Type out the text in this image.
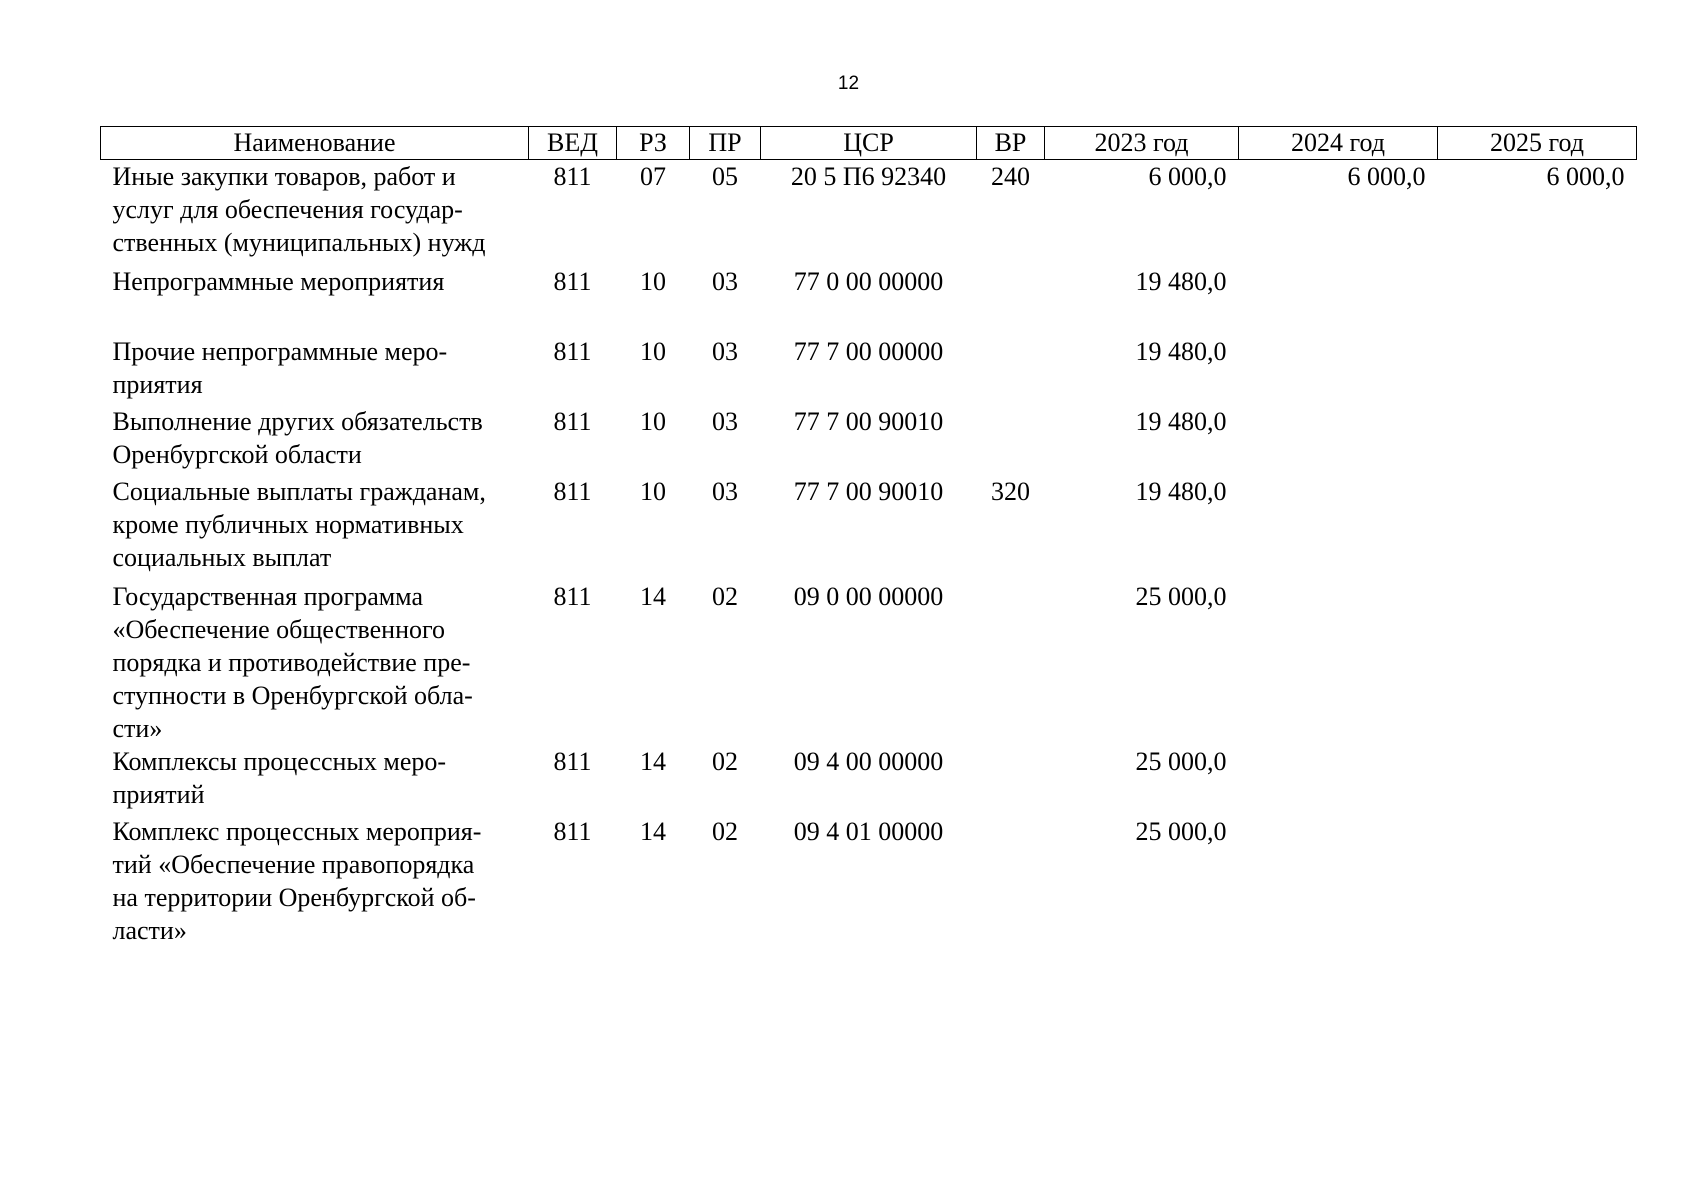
12
Наименование	ВЕД	РЗ	ПР	ЦСР	ВР	2023 год	2024 год	2025 год

Иные закупки товаров, работ и
услуг для обеспечения государ-
ственных (муниципальных) нужд	811	07	05	20 5 П6 92340	240	6 000,0	6 000,0	6 000,0

Непрограммные мероприятия	811	10	03	77 0 00 00000		19 480,0		

Прочие непрограммные меро-
приятия	811	10	03	77 7 00 00000		19 480,0		

Выполнение других обязательств
Оренбургской области	811	10	03	77 7 00 90010		19 480,0		

Социальные выплаты гражданам,
кроме публичных нормативных
социальных выплат	811	10	03	77 7 00 90010	320	19 480,0		

Государственная программа
«Обеспечение общественного
порядка и противодействие пре-
ступности в Оренбургской обла-
сти»	811	14	02	09 0 00 00000		25 000,0		

Комплексы процессных меро-
приятий	811	14	02	09 4 00 00000		25 000,0		

Комплекс процессных мероприя-
тий «Обеспечение правопорядка
на территории Оренбургской об-
ласти»	811	14	02	09 4 01 00000		25 000,0		
